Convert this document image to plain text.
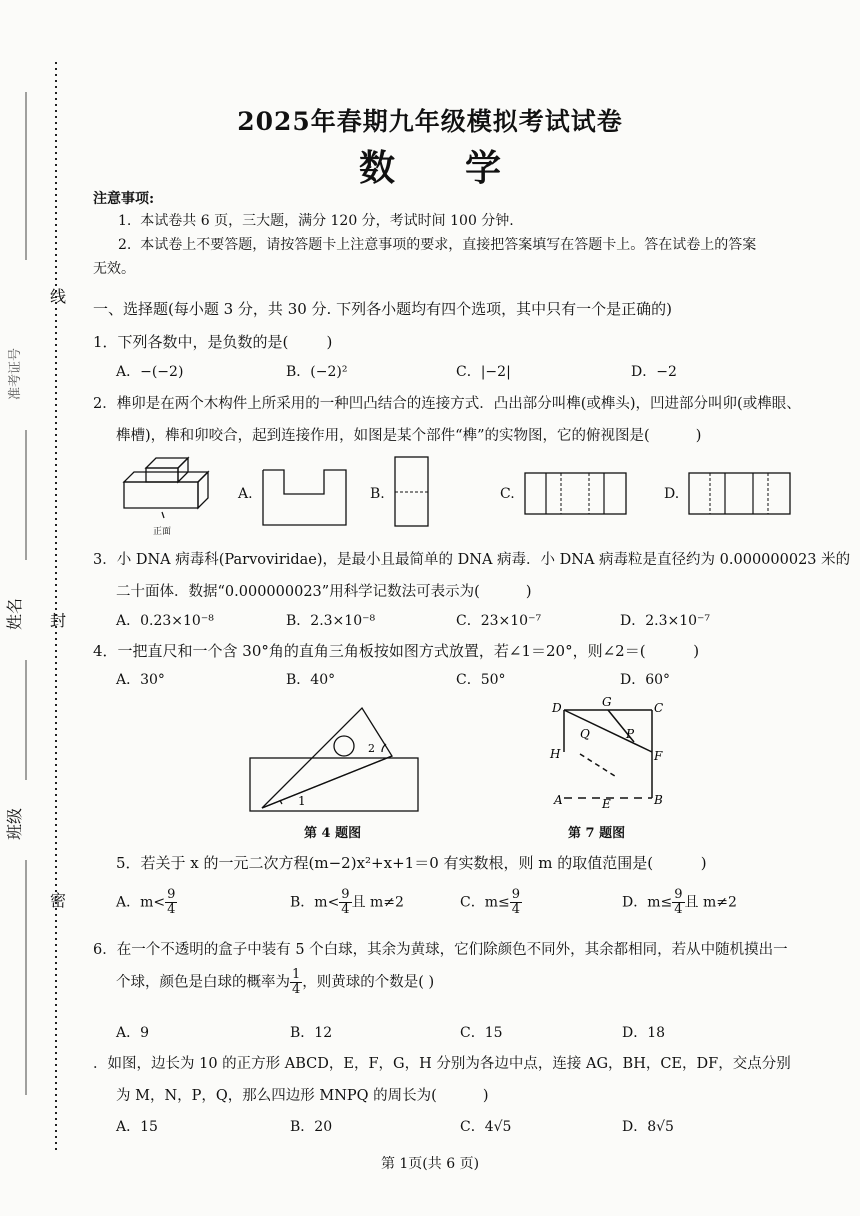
线
封
密
姓名
班级
准考证号
2025年春期九年级模拟考试试卷
数学
注意事项:
1.  本试卷共 6 页，三大题，满分 120 分，考试时间 100 分钟.
2.  本试卷上不要答题，请按答题卡上注意事项的要求，直接把答案填写在答题卡上。答在试卷上的答案
无效。
一、选择题(每小题 3 分，共 30 分. 下列各小题均有四个选项，其中只有一个是正确的)
1．下列各数中，是负数的是(        )
A．−(−2)	B．(−2)²	C．|−2|	D．−2
2．榫卯是在两个木构件上所采用的一种凹凸结合的连接方式．凸出部分叫榫(或榫头)，凹进部分叫卯(或榫眼、
榫槽)，榫和卯咬合，起到连接作用，如图是某个部件“榫”的实物图，它的俯视图是(          )
正面
A.	B.	C.	D.
3．小 DNA 病毒科(Parvoviridae)，是最小且最简单的 DNA 病毒．小 DNA 病毒粒是直径约为 0.000000023 米的
二十面体．数据“0.000000023”用科学记数法可表示为(          )
A．0.23×10⁻⁸	B．2.3×10⁻⁸	C．23×10⁻⁷	D．2.3×10⁻⁷
4．一把直尺和一个含 30°角的直角三角板按如图方式放置，若∠1＝20°，则∠2＝(          )
A．30°	B．40°	C．50°	D．60°
1
2
第 4 题图
D	G	C
Q	P
H	F
A	E	B
第 7 题图
5．若关于 x 的一元二次方程(m−2)x²+x+1＝0 有实数根，则 m 的取值范围是(          )
A．$m< \frac{9}{4}$	B．$m< \frac{9}{4}$ 且 m≠2	C．$m\le \frac{9}{4}$	D．$m\le \frac{9}{4}$ 且 m≠2
6．在一个不透明的盒子中装有 5 个白球，其余为黄球，它们除颜色不同外，其余都相同，若从中随机摸出一
个球，颜色是白球的概率为 $\frac{1}{4}$ ，则黄球的个数是( )
A．9	B．12	C．15	D．18
．如图，边长为 10 的正方形 ABCD，E，F，G，H 分别为各边中点，连接 AG，BH，CE，DF，交点分别
为 M，N，P，Q，那么四边形 MNPQ 的周长为(          )
A．15	B．20	C．4√5	D．8√5
第 1页(共 6 页)
